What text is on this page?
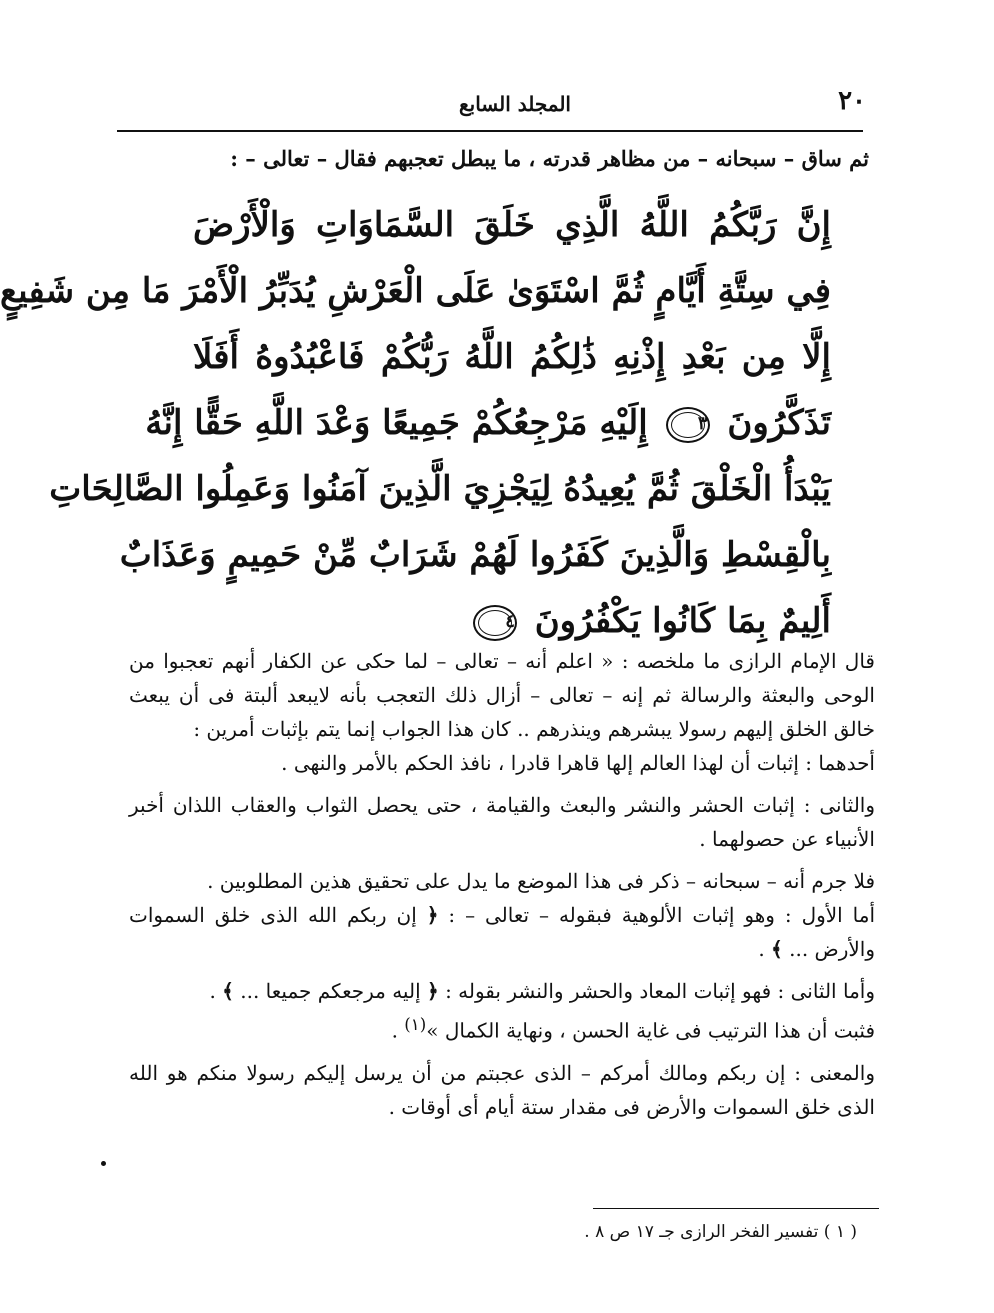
٢٠
المجلد السابع
ثم ساق – سبحانه – من مظاهر قدرته ، ما يبطل تعجبهم فقال – تعالى – :
إِنَّ رَبَّكُمُ اللَّهُ الَّذِي خَلَقَ السَّمَاوَاتِ وَالْأَرْضَ
فِي سِتَّةِ أَيَّامٍ ثُمَّ اسْتَوَىٰ عَلَى الْعَرْشِ يُدَبِّرُ الْأَمْرَ مَا مِن شَفِيعٍ
إِلَّا مِن بَعْدِ إِذْنِهِ ذَٰلِكُمُ اللَّهُ رَبُّكُمْ فَاعْبُدُوهُ أَفَلَا
تَذَكَّرُونَ ٣ إِلَيْهِ مَرْجِعُكُمْ جَمِيعًا وَعْدَ اللَّهِ حَقًّا إِنَّهُ
يَبْدَأُ الْخَلْقَ ثُمَّ يُعِيدُهُ لِيَجْزِيَ الَّذِينَ آمَنُوا وَعَمِلُوا الصَّالِحَاتِ
بِالْقِسْطِ وَالَّذِينَ كَفَرُوا لَهُمْ شَرَابٌ مِّنْ حَمِيمٍ وَعَذَابٌ
أَلِيمٌ بِمَا كَانُوا يَكْفُرُونَ ٤

قال الإمام الرازى ما ملخصه : « اعلم أنه – تعالى – لما حكى عن الكفار أنهم تعجبوا من الوحى والبعثة والرسالة ثم إنه – تعالى – أزال ذلك التعجب بأنه لايبعد ألبتة فى أن يبعث خالق الخلق إليهم رسولا يبشرهم وينذرهم .. كان هذا الجواب إنما يتم بإثبات أمرين :

أحدهما : إثبات أن لهذا العالم إلها قاهرا قادرا ، نافذ الحكم بالأمر والنهى .

والثانى : إثبات الحشر والنشر والبعث والقيامة ، حتى يحصل الثواب والعقاب اللذان أخبر الأنبياء عن حصولهما .

فلا جرم أنه – سبحانه – ذكر فى هذا الموضع ما يدل على تحقيق هذين المطلوبين .

أما الأول : وهو إثبات الألوهية فبقوله – تعالى – : ﴿ إن ربكم الله الذى خلق السموات والأرض ... ﴾ .

وأما الثانى : فهو إثبات المعاد والحشر والنشر بقوله : ﴿ إليه مرجعكم جميعا ... ﴾ .

فثبت أن هذا الترتيب فى غاية الحسن ، ونهاية الكمال »$^{(١)}$ .

والمعنى : إن ربكم ومالك أمركم – الذى عجبتم من أن يرسل إليكم رسولا منكم هو الله الذى خلق السموات والأرض فى مقدار ستة أيام أى أوقات .

( ١ ) تفسير الفخر الرازى جـ ١٧ ص ٨ .
